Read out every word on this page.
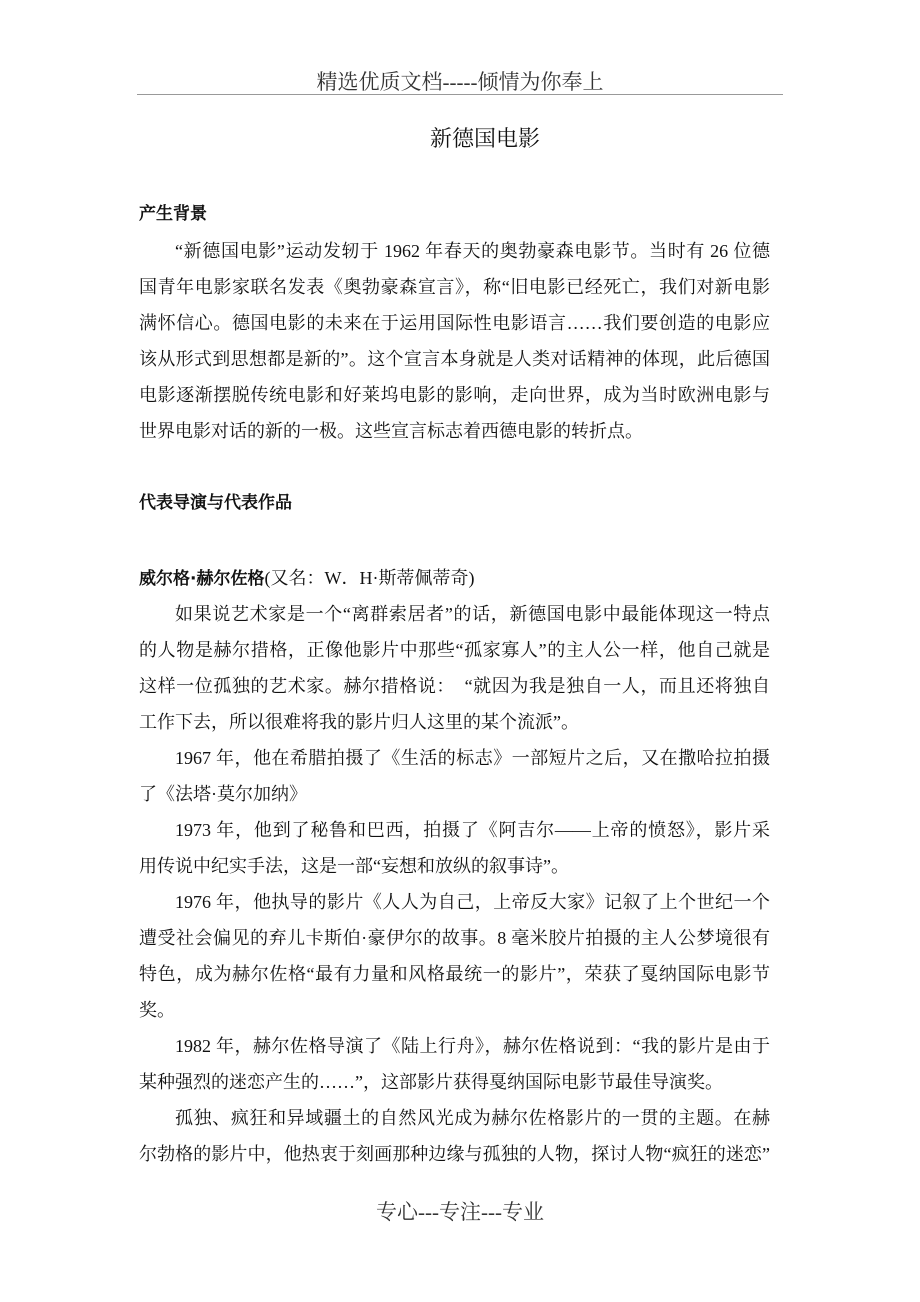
精选优质文档-----倾情为你奉上
新德国电影
产生背景
“新德国电影”运动发轫于 1962 年春天的奥勃豪森电影节。当时有 26 位德
国青年电影家联名发表《奥勃豪森宣言》，称“旧电影已经死亡，我们对新电影
满怀信心。德国电影的未来在于运用国际性电影语言……我们要创造的电影应
该从形式到思想都是新的”。这个宣言本身就是人类对话精神的体现，此后德国
电影逐渐摆脱传统电影和好莱坞电影的影响，走向世界，成为当时欧洲电影与
世界电影对话的新的一极。这些宣言标志着西德电影的转折点。
代表导演与代表作品
威尔格·赫尔佐格(又名：W．H·斯蒂佩蒂奇)
如果说艺术家是一个“离群索居者”的话，新德国电影中最能体现这一特点
的人物是赫尔措格，正像他影片中那些“孤家寡人”的主人公一样，他自己就是
这样一位孤独的艺术家。赫尔措格说：　“就因为我是独自一人，而且还将独自
工作下去，所以很难将我的影片归人这里的某个流派”。
1967 年，他在希腊拍摄了《生活的标志》一部短片之后，又在撒哈拉拍摄
了《法塔·莫尔加纳》
1973 年，他到了秘鲁和巴西，拍摄了《阿吉尔——上帝的愤怒》，影片采
用传说中纪实手法，这是一部“妄想和放纵的叙事诗”。
1976 年，他执导的影片《人人为自己，上帝反大家》记叙了上个世纪一个
遭受社会偏见的弃儿卡斯伯·豪伊尔的故事。8 毫米胶片拍摄的主人公梦境很有
特色，成为赫尔佐格“最有力量和风格最统一的影片”，荣获了戛纳国际电影节
奖。
1982 年，赫尔佐格导演了《陆上行舟》，赫尔佐格说到：“我的影片是由于
某种强烈的迷恋产生的……”，这部影片获得戛纳国际电影节最佳导演奖。
孤独、疯狂和异域疆土的自然风光成为赫尔佐格影片的一贯的主题。在赫
尔勃格的影片中，他热衷于刻画那种边缘与孤独的人物，探讨人物“疯狂的迷恋”
专心---专注---专业
